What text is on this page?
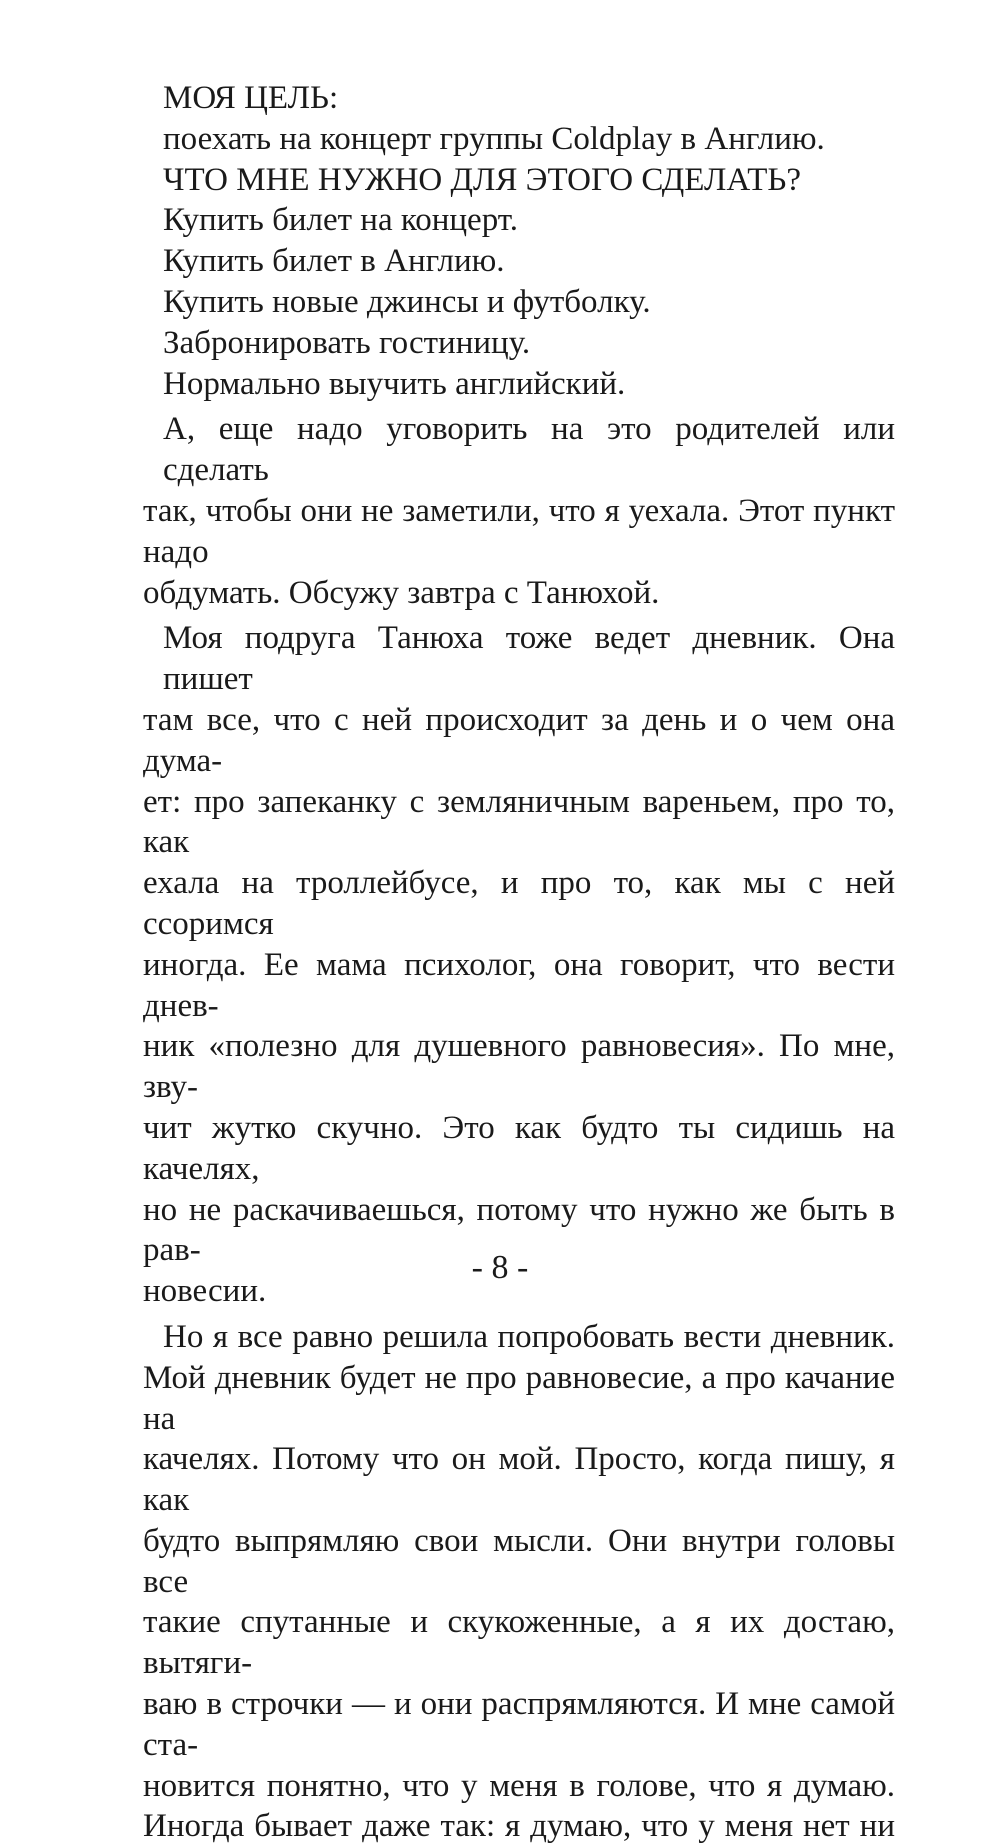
МОЯ ЦЕЛЬ:
поехать на концерт группы Coldplay в Англию.
ЧТО МНЕ НУЖНО ДЛЯ ЭТОГО СДЕЛАТЬ?
Купить билет на концерт.
Купить билет в Англию.
Купить новые джинсы и футболку.
Забронировать гостиницу.
Нормально выучить английский.
А, еще надо уговорить на это родителей или сделать
так, чтобы они не заметили, что я уехала. Этот пункт надо
обдумать. Обсужу завтра с Танюхой.
Моя подруга Танюха тоже ведет дневник. Она пишет
там все, что с ней происходит за день и о чем она дума-
ет: про запеканку с земляничным вареньем, про то, как
ехала на троллейбусе, и про то, как мы с ней ссоримся
иногда. Ее мама психолог, она говорит, что вести днев-
ник «полезно для душевного равновесия». По мне, зву-
чит жутко скучно. Это как будто ты сидишь на качелях,
но не раскачиваешься, потому что нужно же быть в рав-
новесии.
Но я все равно решила попробовать вести дневник.
Мой дневник будет не про равновесие, а про качание на
качелях. Потому что он мой. Просто, когда пишу, я как
будто выпрямляю свои мысли. Они внутри головы все
такие спутанные и скукоженные, а я их достаю, вытяги-
ваю в строчки — и они распрямляются. И мне самой ста-
новится понятно, что у меня в голове, что я думаю.
Иногда бывает даже так: я думаю, что у меня нет ни
- 8 -
